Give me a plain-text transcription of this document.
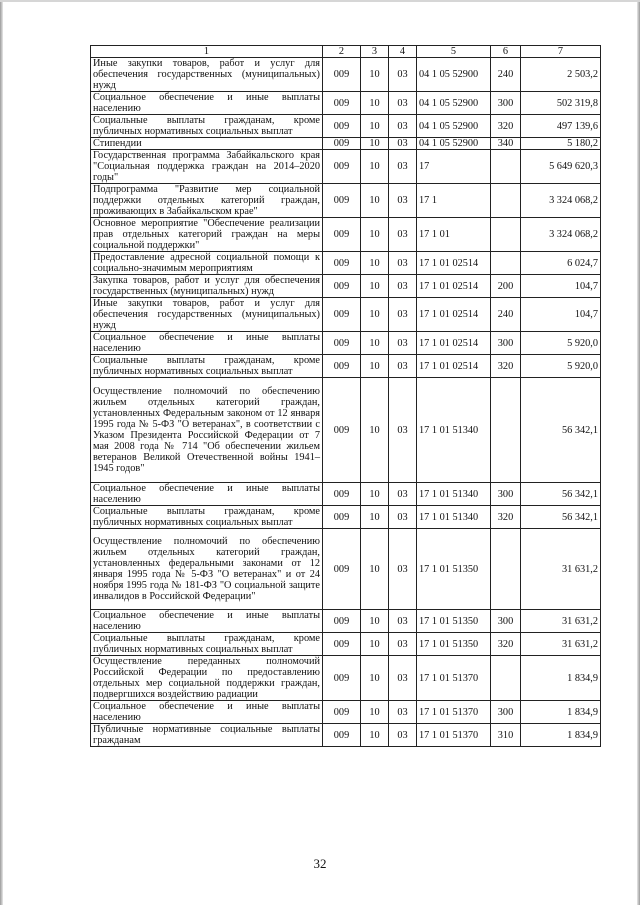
1	2	3	4	5	6	7
Иные закупки товаров, работ и услуг для обеспечения государственных (муниципальных) нужд	009	10	03	04 1 05 52900	240	2 503,2
Социальное обеспечение и иные выплаты населению	009	10	03	04 1 05 52900	300	502 319,8
Социальные выплаты гражданам, кроме публичных нормативных социальных выплат	009	10	03	04 1 05 52900	320	497 139,6
Стипендии	009	10	03	04 1 05 52900	340	5 180,2
Государственная программа Забайкальского края "Социальная поддержка граждан на 2014–2020 годы"	009	10	03	17		5 649 620,3
Подпрограмма "Развитие мер социальной поддержки отдельных категорий граждан, проживающих в Забайкальском крае"	009	10	03	17 1		3 324 068,2
Основное мероприятие "Обеспечение реализации прав отдельных категорий граждан на меры социальной поддержки"	009	10	03	17 1 01		3 324 068,2
Предоставление адресной социальной помощи к социально-значимым мероприятиям	009	10	03	17 1 01 02514		6 024,7
Закупка товаров, работ и услуг для обеспечения государственных (муниципальных) нужд	009	10	03	17 1 01 02514	200	104,7
Иные закупки товаров, работ и услуг для обеспечения государственных (муниципальных) нужд	009	10	03	17 1 01 02514	240	104,7
Социальное обеспечение и иные выплаты населению	009	10	03	17 1 01 02514	300	5 920,0
Социальные выплаты гражданам, кроме публичных нормативных социальных выплат	009	10	03	17 1 01 02514	320	5 920,0
Осуществление полномочий по обеспечению жильем отдельных категорий граждан, установленных Федеральным законом от 12 января 1995 года № 5-ФЗ "О ветеранах", в соответствии с Указом Президента Российской Федерации от 7 мая 2008 года № 714 "Об обеспечении жильем ветеранов Великой Отечественной войны 1941–1945 годов"	009	10	03	17 1 01 51340		56 342,1
Социальное обеспечение и иные выплаты населению	009	10	03	17 1 01 51340	300	56 342,1
Социальные выплаты гражданам, кроме публичных нормативных социальных выплат	009	10	03	17 1 01 51340	320	56 342,1
Осуществление полномочий по обеспечению жильем отдельных категорий граждан, установленных федеральными законами от 12 января 1995 года № 5-ФЗ "О ветеранах" и от 24 ноября 1995 года № 181-ФЗ "О социальной защите инвалидов в Российской Федерации"	009	10	03	17 1 01 51350		31 631,2
Социальное обеспечение и иные выплаты населению	009	10	03	17 1 01 51350	300	31 631,2
Социальные выплаты гражданам, кроме публичных нормативных социальных выплат	009	10	03	17 1 01 51350	320	31 631,2
Осуществление переданных полномочий Российской Федерации по предоставлению отдельных мер социальной поддержки граждан, подвергшихся воздействию радиации	009	10	03	17 1 01 51370		1 834,9
Социальное обеспечение и иные выплаты населению	009	10	03	17 1 01 51370	300	1 834,9
Публичные нормативные социальные выплаты гражданам	009	10	03	17 1 01 51370	310	1 834,9
32
